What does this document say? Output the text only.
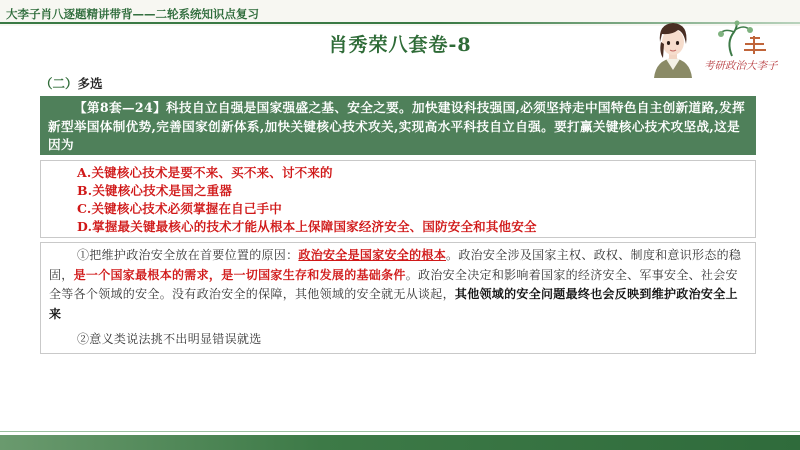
大李子肖八逐题精讲带背——二轮系统知识点复习
肖秀荣八套卷-8
考研政治大李子
（二）多选
【第8套—24】科技自立自强是国家强盛之基、安全之要。加快建设科技强国,必须坚持走中国特色自主创新道路,发挥新型举国体制优势,完善国家创新体系,加快关键核心技术攻关,实现高水平科技自立自强。要打赢关键核心技术攻坚战,这是因为
A.关键核心技术是要不来、买不来、讨不来的
B.关键核心技术是国之重器
C.关键核心技术必须掌握在自己手中
D.掌握最关键最核心的技术才能从根本上保障国家经济安全、国防安全和其他安全

①把维护政治安全放在首要位置的原因：政治安全是国家安全的根本。政治安全涉及国家主权、政权、制度和意识形态的稳固，是一个国家最根本的需求，是一切国家生存和发展的基础条件。政治安全决定和影响着国家的经济安全、军事安全、社会安全等各个领域的安全。没有政治安全的保障，其他领域的安全就无从谈起，其他领域的安全问题最终也会反映到维护政治安全上来

②意义类说法挑不出明显错误就选
